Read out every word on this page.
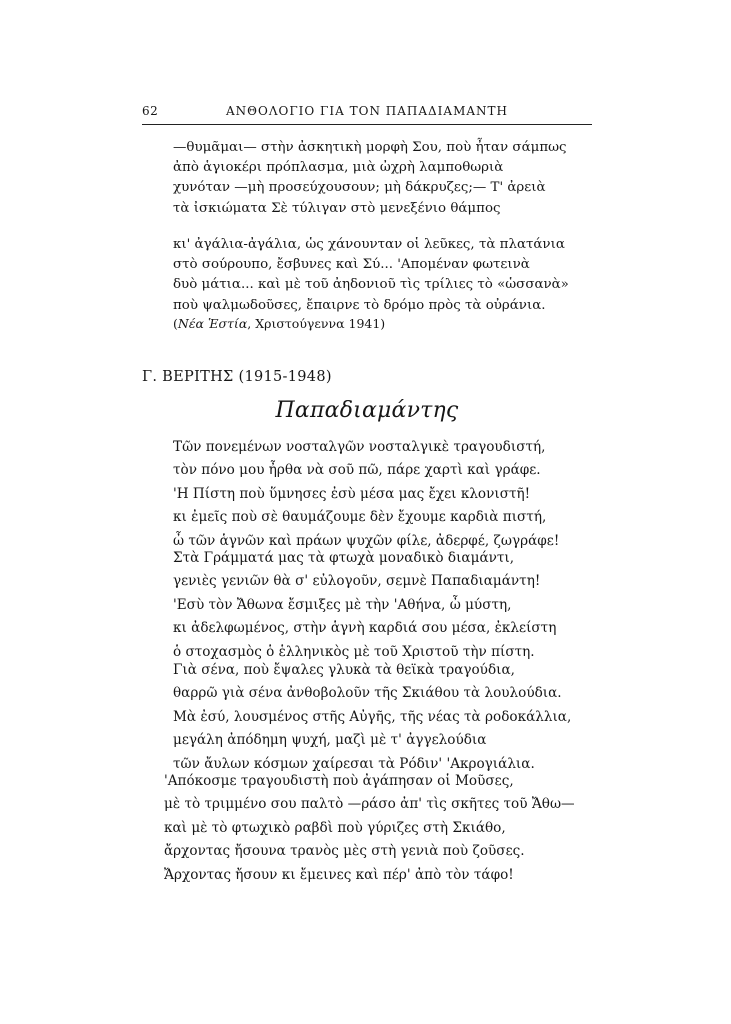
62	ΑΝΘΟΛΟΓΙΟ ΓΙΑ ΤΟΝ ΠΑΠΑΔΙΑΜΑΝΤΗ
—θυμᾶμαι— στὴν ἀσκητικὴ μορφὴ Σου, ποὺ ἦταν σάμπως
ἀπὸ ἁγιοκέρι πρόπλασμα, μιὰ ὠχρὴ λαμποθωριὰ
χυνόταν —μὴ προσεύχουσουν; μὴ δάκρυζες;— Τ' ἀρειὰ
τὰ ἰσκιώματα Σὲ τύλιγαν στὸ μενεξένιο θάμπος
κι' ἀγάλια-ἀγάλια, ὡς χάνουνταν οἱ λεῦκες, τὰ πλατάνια
στὸ σούρουπο, ἔσβυνες καὶ Σύ... 'Απομέναν φωτεινὰ
δυὸ μάτια... καὶ μὲ τοῦ ἀηδονιοῦ τὶς τρίλιες τὸ «ὡσσανὰ»
ποὺ ψαλμωδοῦσες, ἔπαιρνε τὸ δρόμο πρὸς τὰ οὐράνια.
(Νέα Ἑστία, Χριστούγεννα 1941)
Γ. ΒΕΡΙΤΗΣ (1915-1948)
Παπαδιαμάντης
Τῶν πονεμένων νοσταλγῶν νοσταλγικὲ τραγουδιστή,
τὸν πόνο μου ἦρθα νὰ σοῦ πῶ, πάρε χαρτὶ καὶ γράφε.
'Η Πίστη ποὺ ὕμνησες ἐσὺ μέσα μας ἔχει κλονιστῆ!
κι ἐμεῖς ποὺ σὲ θαυμάζουμε δὲν ἔχουμε καρδιὰ πιστή,
ὦ τῶν ἁγνῶν καὶ πράων ψυχῶν φίλε, ἀδερφέ, ζωγράφε!
Στὰ Γράμματά μας τὰ φτωχὰ μοναδικὸ διαμάντι,
γενιὲς γενιῶν θὰ σ' εὐλογοῦν, σεμνὲ Παπαδιαμάντη!
'Εσὺ τὸν Ἄθωνα ἔσμιξες μὲ τὴν 'Αθήνα, ὦ μύστη,
κι ἀδελφωμένος, στὴν ἁγνὴ καρδιά σου μέσα, ἐκλείστη
ὁ στοχασμὸς ὁ ἑλληνικὸς μὲ τοῦ Χριστοῦ τὴν πίστη.
Γιὰ σένα, ποὺ ἔψαλες γλυκὰ τὰ θεϊκὰ τραγούδια,
θαρρῶ γιὰ σένα ἀνθοβολοῦν τῆς Σκιάθου τὰ λουλούδια.
Μὰ ἐσύ, λουσμένος στῆς Αὐγῆς, τῆς νέας τὰ ροδοκάλλια,
μεγάλη ἀπόδημη ψυχή, μαζὶ μὲ τ' ἀγγελούδια
τῶν ἄυλων κόσμων χαίρεσαι τὰ Ρόδιν' 'Ακρογιάλια.
'Απόκοσμε τραγουδιστὴ ποὺ ἀγάπησαν οἱ Μοῦσες,
μὲ τὸ τριμμένο σου παλτὸ —ράσο ἀπ' τὶς σκῆτες τοῦ Ἄθω—
καὶ μὲ τὸ φτωχικὸ ραβδὶ ποὺ γύριζες στὴ Σκιάθο,
ἄρχοντας ἤσουνα τρανὸς μὲς στὴ γενιὰ ποὺ ζοῦσες.
Ἄρχοντας ἤσουν κι ἔμεινες καὶ πέρ' ἀπὸ τὸν τάφο!
